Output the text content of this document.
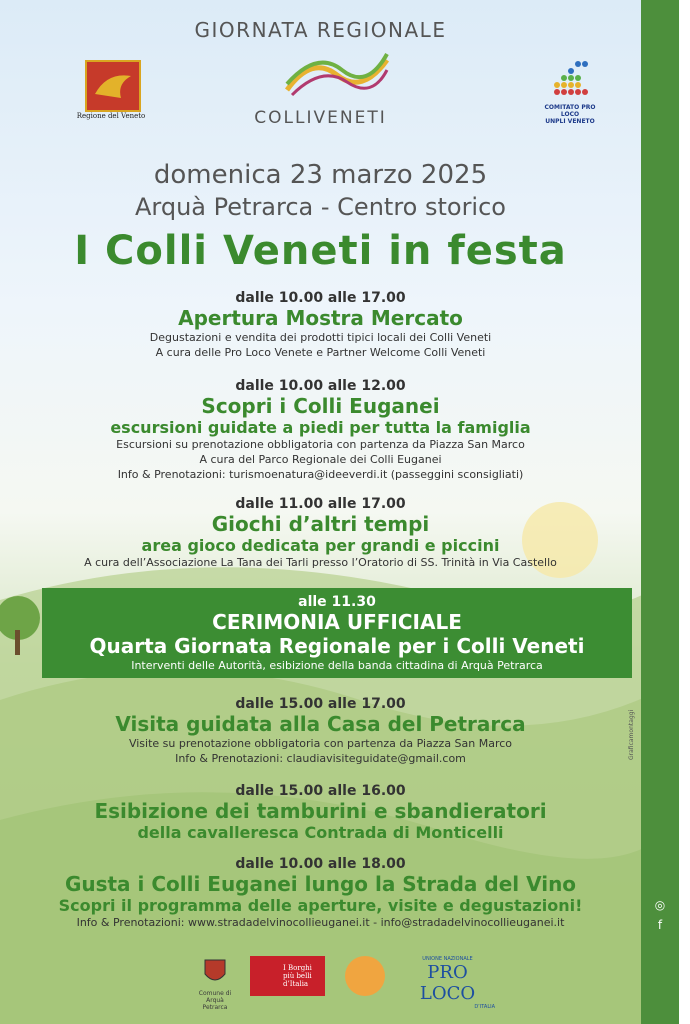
◎
f
colli veneti
Graficamontaggi
GIORNATA REGIONALE
Regione del Veneto	COLLIVENETI
COMITATO PRO LOCO
UNPLI VENETO
domenica 23 marzo 2025
Arquà Petrarca - Centro storico
I Colli Veneti in festa
dalle 10.00 alle 17.00
Apertura Mostra Mercato
Degustazioni e vendita dei prodotti tipici locali dei Colli Veneti
A cura delle Pro Loco Venete e Partner Welcome Colli Veneti
dalle 10.00 alle 12.00
Scopri i Colli Euganei
escursioni guidate a piedi per tutta la famiglia
Escursioni su prenotazione obbligatoria con partenza da Piazza San Marco
A cura del Parco Regionale dei Colli Euganei
Info & Prenotazioni: turismoenatura@ideeverdi.it (passeggini sconsigliati)
dalle 11.00 alle 17.00
Giochi d’altri tempi
area gioco dedicata per grandi e piccini
A cura dell’Associazione La Tana dei Tarli presso l’Oratorio di SS. Trinità in Via Castello
alle 11.30
CERIMONIA UFFICIALE
Quarta Giornata Regionale per i Colli Veneti
Interventi delle Autorità, esibizione della banda cittadina di Arquà Petrarca
dalle 15.00 alle 17.00
Visita guidata alla Casa del Petrarca
Visite su prenotazione obbligatoria con partenza da Piazza San Marco
Info & Prenotazioni: claudiavisiteguidate@gmail.com
dalle 15.00 alle 16.00
Esibizione dei tamburini e sbandieratori
della cavalleresca Contrada di Monticelli
dalle 10.00 alle 18.00
Gusta i Colli Euganei lungo la Strada del Vino
Scopri il programma delle aperture, visite e degustazioni!
Info & Prenotazioni: www.stradadelvinocollieuganei.it - info@stradadelvinocollieuganei.it
Comune di Arquà Petrarca
I Borghi più belli d’Italia
UNIONE NAZIONALE
PRO LOCO
D’ITALIA
